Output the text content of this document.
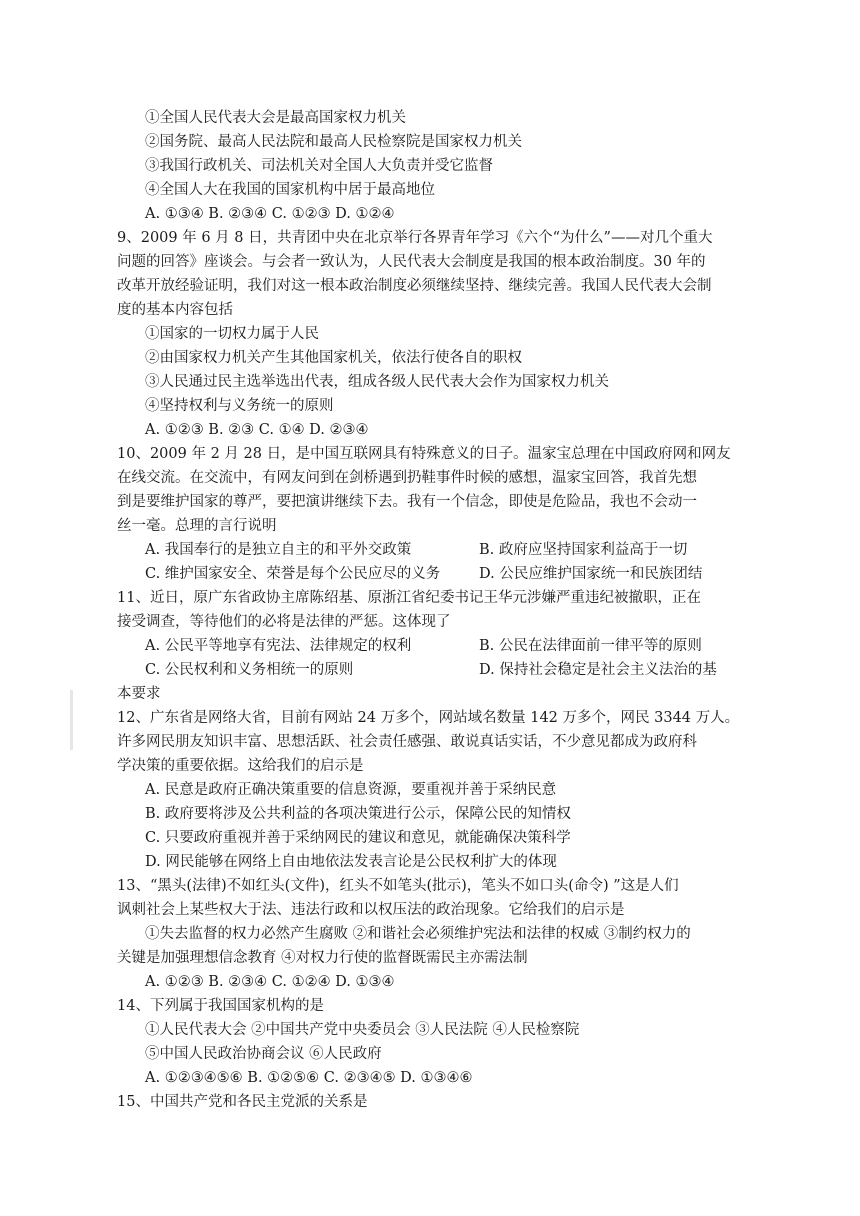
①全国人民代表大会是最高国家权力机关
②国务院、最高人民法院和最高人民检察院是国家权力机关
③我国行政机关、司法机关对全国人大负责并受它监督
④全国人大在我国的国家机构中居于最高地位
A. ①③④ B. ②③④ C. ①②③ D. ①②④
9、2009 年 6 月 8 日，共青团中央在北京举行各界青年学习《六个“为什么”——对几个重大
问题的回答》座谈会。与会者一致认为，人民代表大会制度是我国的根本政治制度。30 年的
改革开放经验证明，我们对这一根本政治制度必须继续坚持、继续完善。我国人民代表大会制
度的基本内容包括
①国家的一切权力属于人民
②由国家权力机关产生其他国家机关，依法行使各自的职权
③人民通过民主选举选出代表，组成各级人民代表大会作为国家权力机关
④坚持权利与义务统一的原则
A. ①②③ B. ②③ C. ①④ D. ②③④
10、2009 年 2 月 28 日，是中国互联网具有特殊意义的日子。温家宝总理在中国政府网和网友
在线交流。在交流中，有网友问到在剑桥遇到扔鞋事件时候的感想，温家宝回答，我首先想
到是要维护国家的尊严，要把演讲继续下去。我有一个信念，即使是危险品，我也不会动一
丝一毫。总理的言行说明
A. 我国奉行的是独立自主的和平外交政策	B. 政府应坚持国家利益高于一切
C. 维护国家安全、荣誉是每个公民应尽的义务	D. 公民应维护国家统一和民族团结
11、近日，原广东省政协主席陈绍基、原浙江省纪委书记王华元涉嫌严重违纪被撤职，正在
接受调查，等待他们的必将是法律的严惩。这体现了
A. 公民平等地享有宪法、法律规定的权利	B. 公民在法律面前一律平等的原则
C. 公民权利和义务相统一的原则	D. 保持社会稳定是社会主义法治的基
本要求
12、广东省是网络大省，目前有网站 24 万多个，网站域名数量 142 万多个，网民 3344 万人。
许多网民朋友知识丰富、思想活跃、社会责任感强、敢说真话实话，不少意见都成为政府科
学决策的重要依据。这给我们的启示是
A. 民意是政府正确决策重要的信息资源，要重视并善于采纳民意
B. 政府要将涉及公共利益的各项决策进行公示，保障公民的知情权
C. 只要政府重视并善于采纳网民的建议和意见，就能确保决策科学
D. 网民能够在网络上自由地依法发表言论是公民权利扩大的体现
13、“黑头(法律)不如红头(文件)，红头不如笔头(批示)，笔头不如口头(命令) ”这是人们
讽刺社会上某些权大于法、违法行政和以权压法的政治现象。它给我们的启示是
①失去监督的权力必然产生腐败 ②和谐社会必须维护宪法和法律的权威 ③制约权力的
关键是加强理想信念教育 ④对权力行使的监督既需民主亦需法制
A. ①②③ B. ②③④ C. ①②④ D. ①③④
14、下列属于我国国家机构的是
①人民代表大会 ②中国共产党中央委员会 ③人民法院 ④人民检察院
⑤中国人民政治协商会议 ⑥人民政府
A. ①②③④⑤⑥ B. ①②⑤⑥ C. ②③④⑤ D. ①③④⑥
15、中国共产党和各民主党派的关系是
